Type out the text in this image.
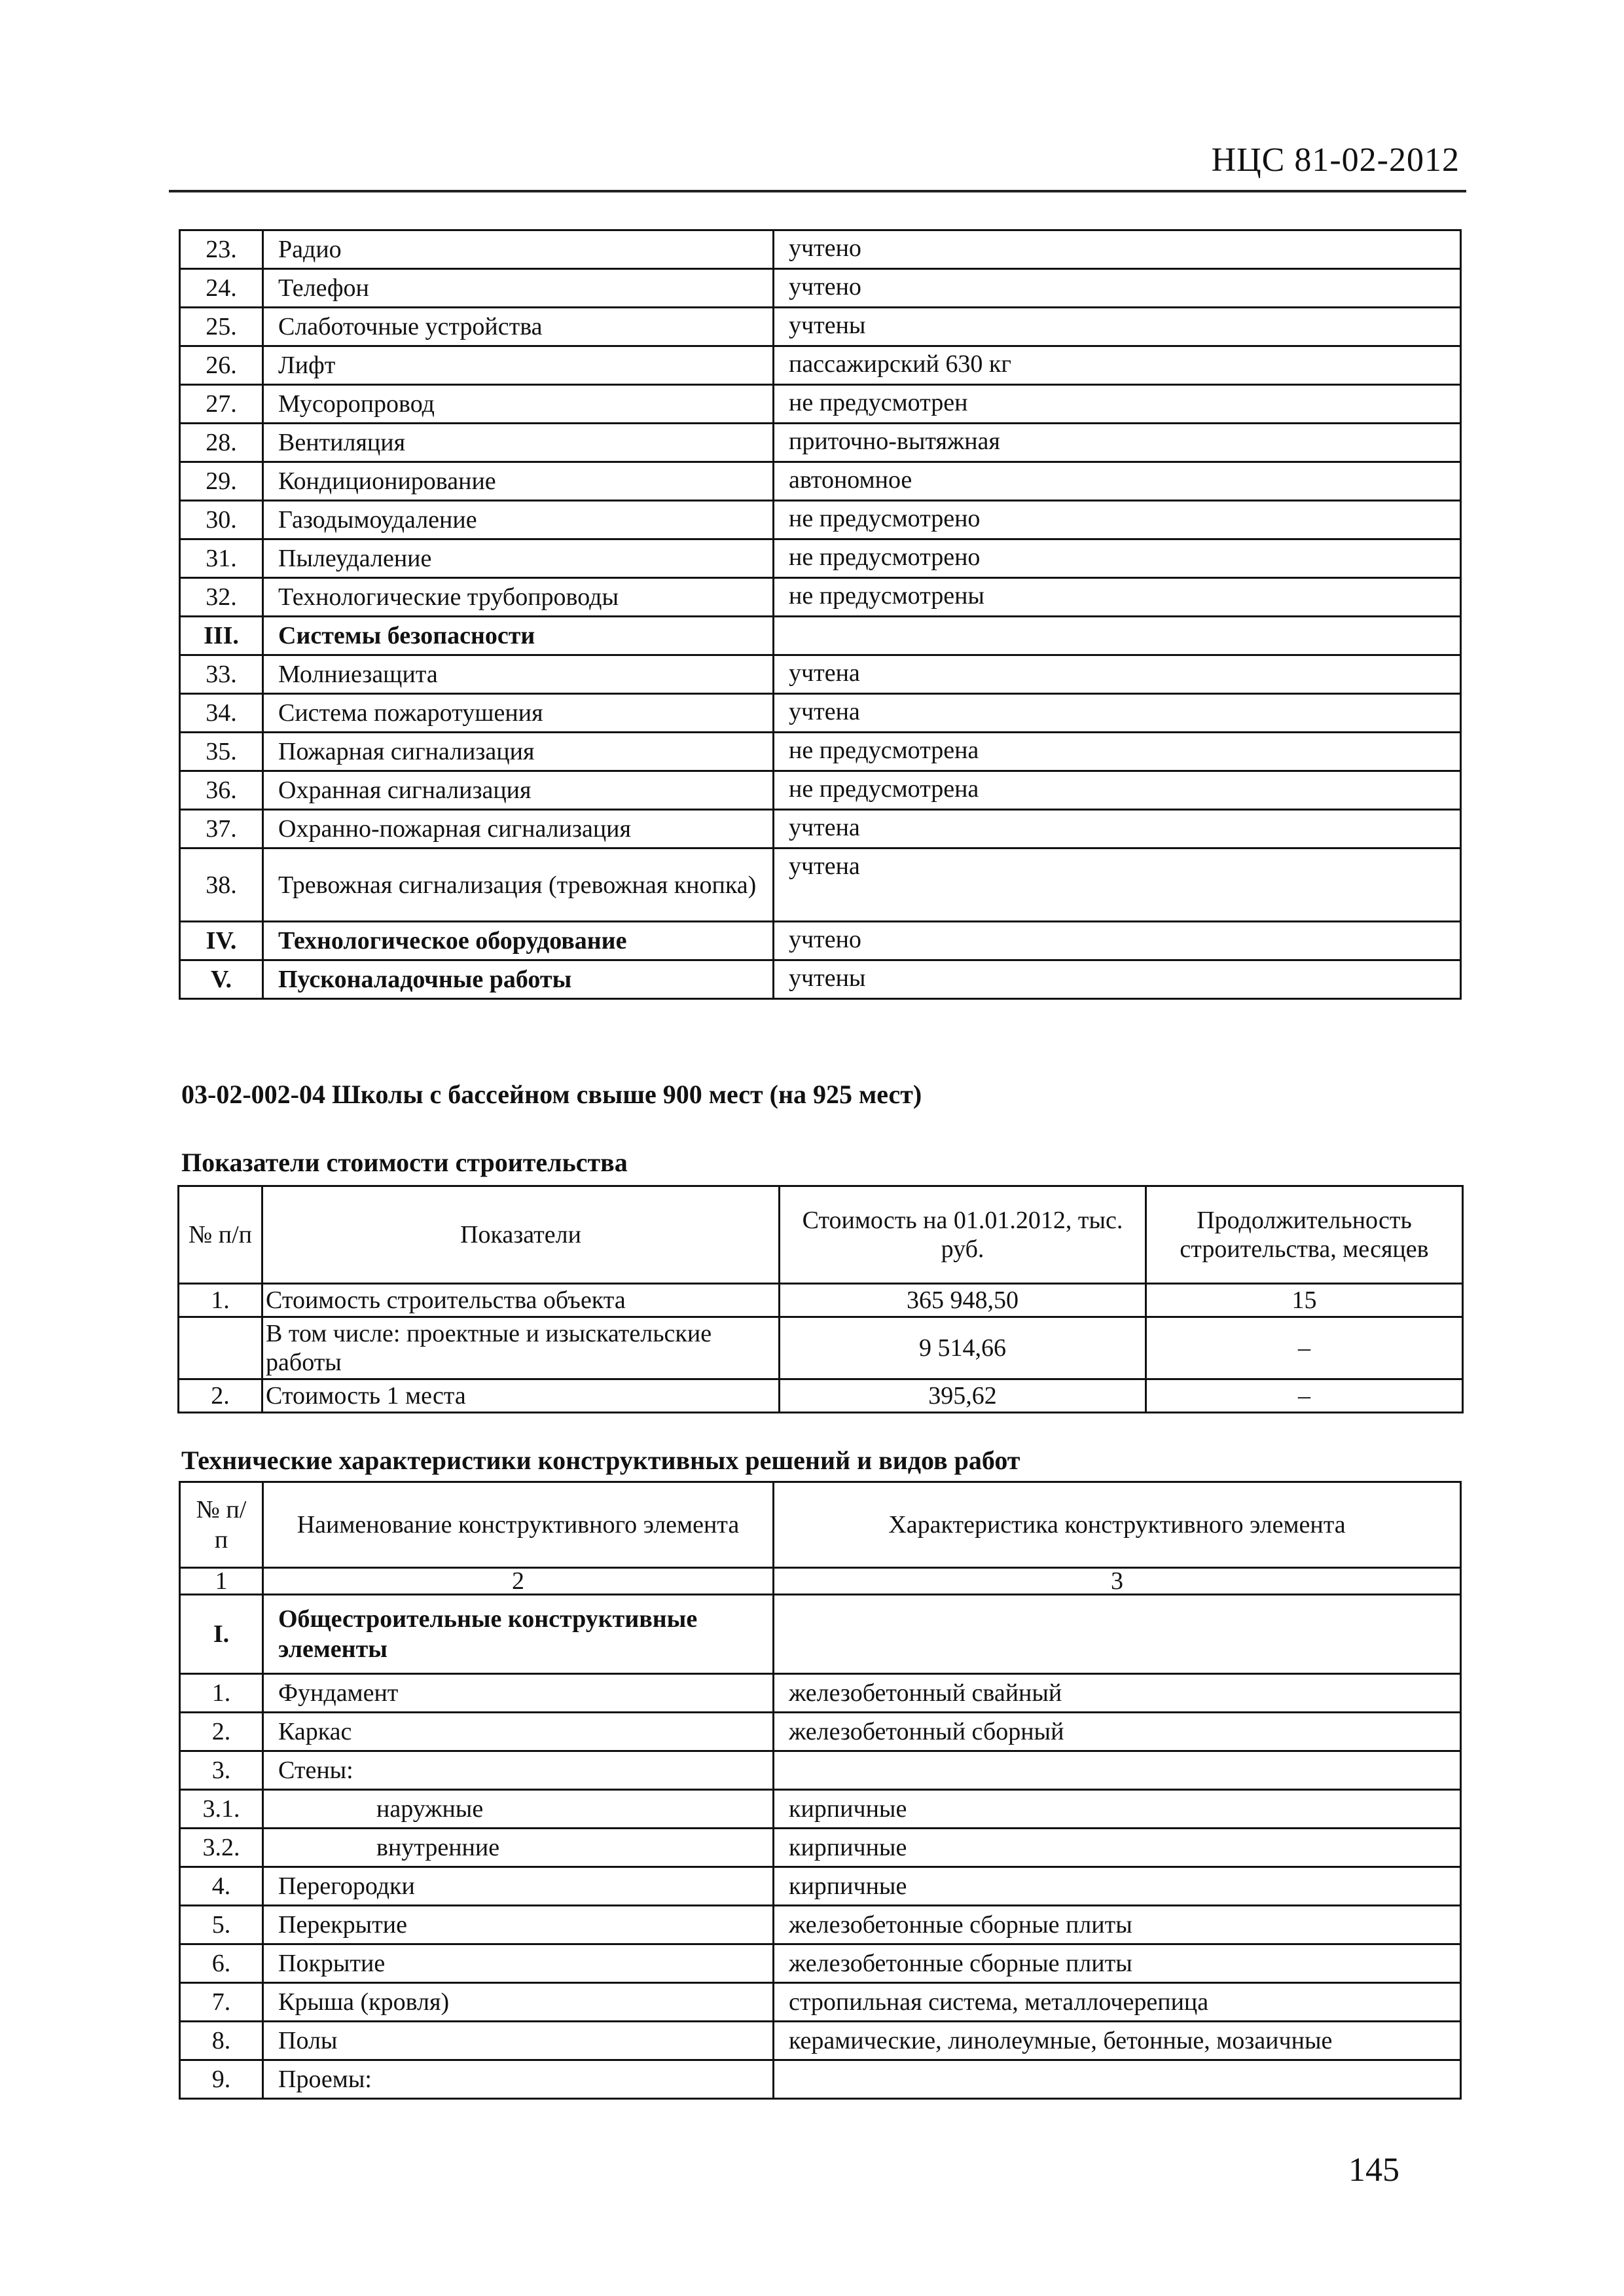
НЦС 81-02-2012
23.	Радио	учтено
24.	Телефон	учтено
25.	Слаботочные устройства	учтены
26.	Лифт	пассажирский 630 кг
27.	Мусоропровод	не предусмотрен
28.	Вентиляция	приточно-вытяжная
29.	Кондиционирование	автономное
30.	Газодымоудаление	не предусмотрено
31.	Пылеудаление	не предусмотрено
32.	Технологические трубопроводы	не предусмотрены
III.	Системы безопасности	
33.	Молниезащита	учтена
34.	Система пожаротушения	учтена
35.	Пожарная сигнализация	не предусмотрена
36.	Охранная сигнализация	не предусмотрена
37.	Охранно-пожарная сигнализация	учтена
38.	Тревожная сигнализация (тревожная кнопка)	учтена
IV.	Технологическое оборудование	учтено
V.	Пусконаладочные работы	учтены
03-02-002-04 Школы с бассейном свыше 900 мест (на 925 мест)
Показатели стоимости строительства
№ п/п	Показатели	Стоимость на 01.01.2012, тыс. руб.	Продолжительность строительства, месяцев
1.	Стоимость строительства объекта	365 948,50	15
	В том числе: проектные и изыскательские работы	9 514,66	–
2.	Стоимость 1 места	395,62	–
Технические характеристики конструктивных решений и видов работ
№ п/п	Наименование конструктивного элемента	Характеристика конструктивного элемента
1	2	3
I.	Общестроительные конструктивные элементы	
1.	Фундамент	железобетонный свайный
2.	Каркас	железобетонный сборный
3.	Стены:	
3.1.	наружные	кирпичные
3.2.	внутренние	кирпичные
4.	Перегородки	кирпичные
5.	Перекрытие	железобетонные сборные плиты
6.	Покрытие	железобетонные сборные плиты
7.	Крыша (кровля)	стропильная система, металлочерепица
8.	Полы	керамические, линолеумные, бетонные, мозаичные
9.	Проемы:	
145
